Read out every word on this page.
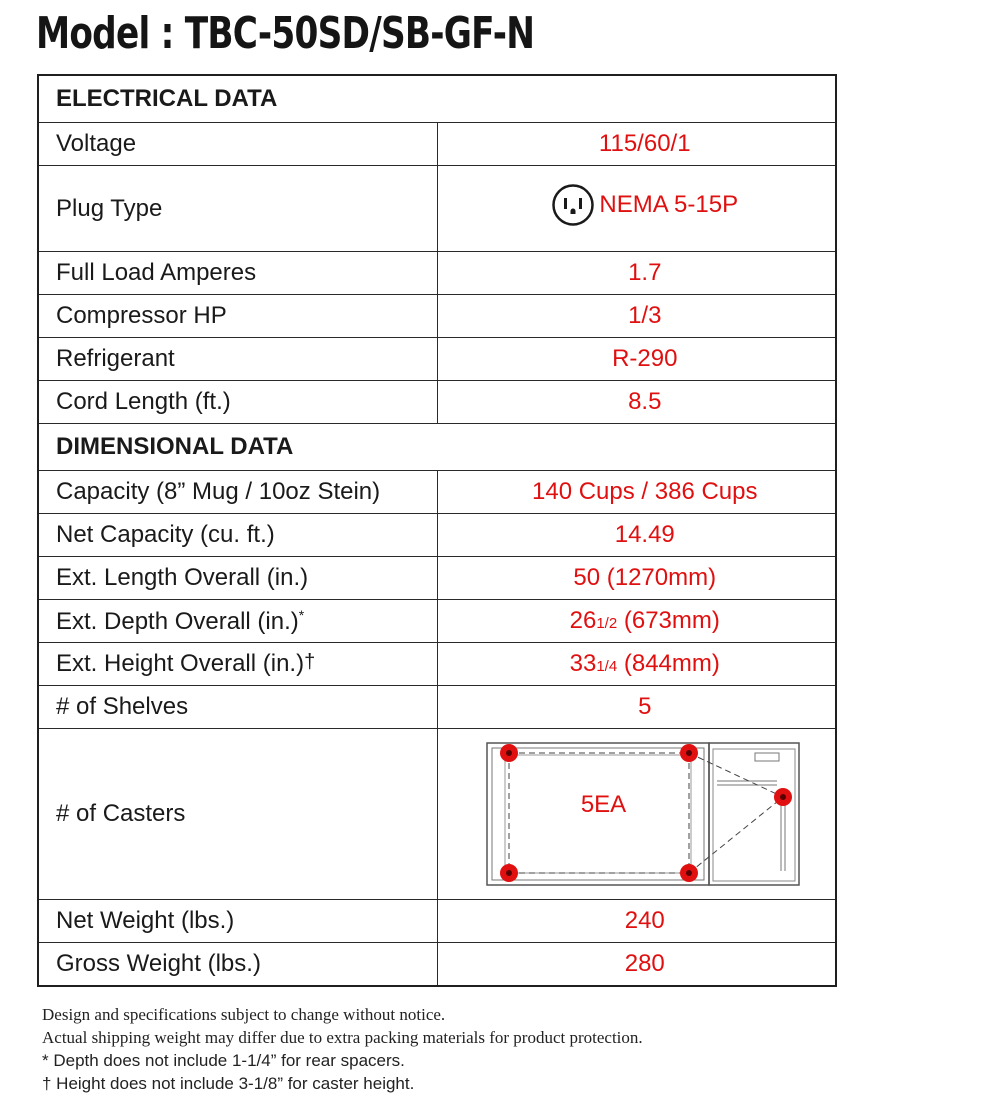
Model : TBC-50SD/SB-GF-N
ELECTRICAL DATA	
Voltage	115/60/1
Plug Type	NEMA 5-15P

Full Load Amperes	1.7
Compressor HP	1/3
Refrigerant	R-290
Cord Length (ft.)	8.5
DIMENSIONAL DATA	
Capacity (8” Mug / 10oz Stein)	140 Cups / 386 Cups
Net Capacity (cu. ft.)	14.49
Ext. Length Overall (in.)	50 (1270mm)
Ext. Depth Overall (in.)*	261/2 (673mm)
Ext. Height Overall (in.)†	331/4 (844mm)
# of Shelves	5
# of Casters	5EA

Net Weight (lbs.)	240
Gross Weight (lbs.)	280

Design and specifications subject to change without notice.

Actual shipping weight may differ due to extra packing materials for product protection.

* Depth does not include 1-1/4” for rear spacers.

† Height does not include 3-1/8” for caster height.
